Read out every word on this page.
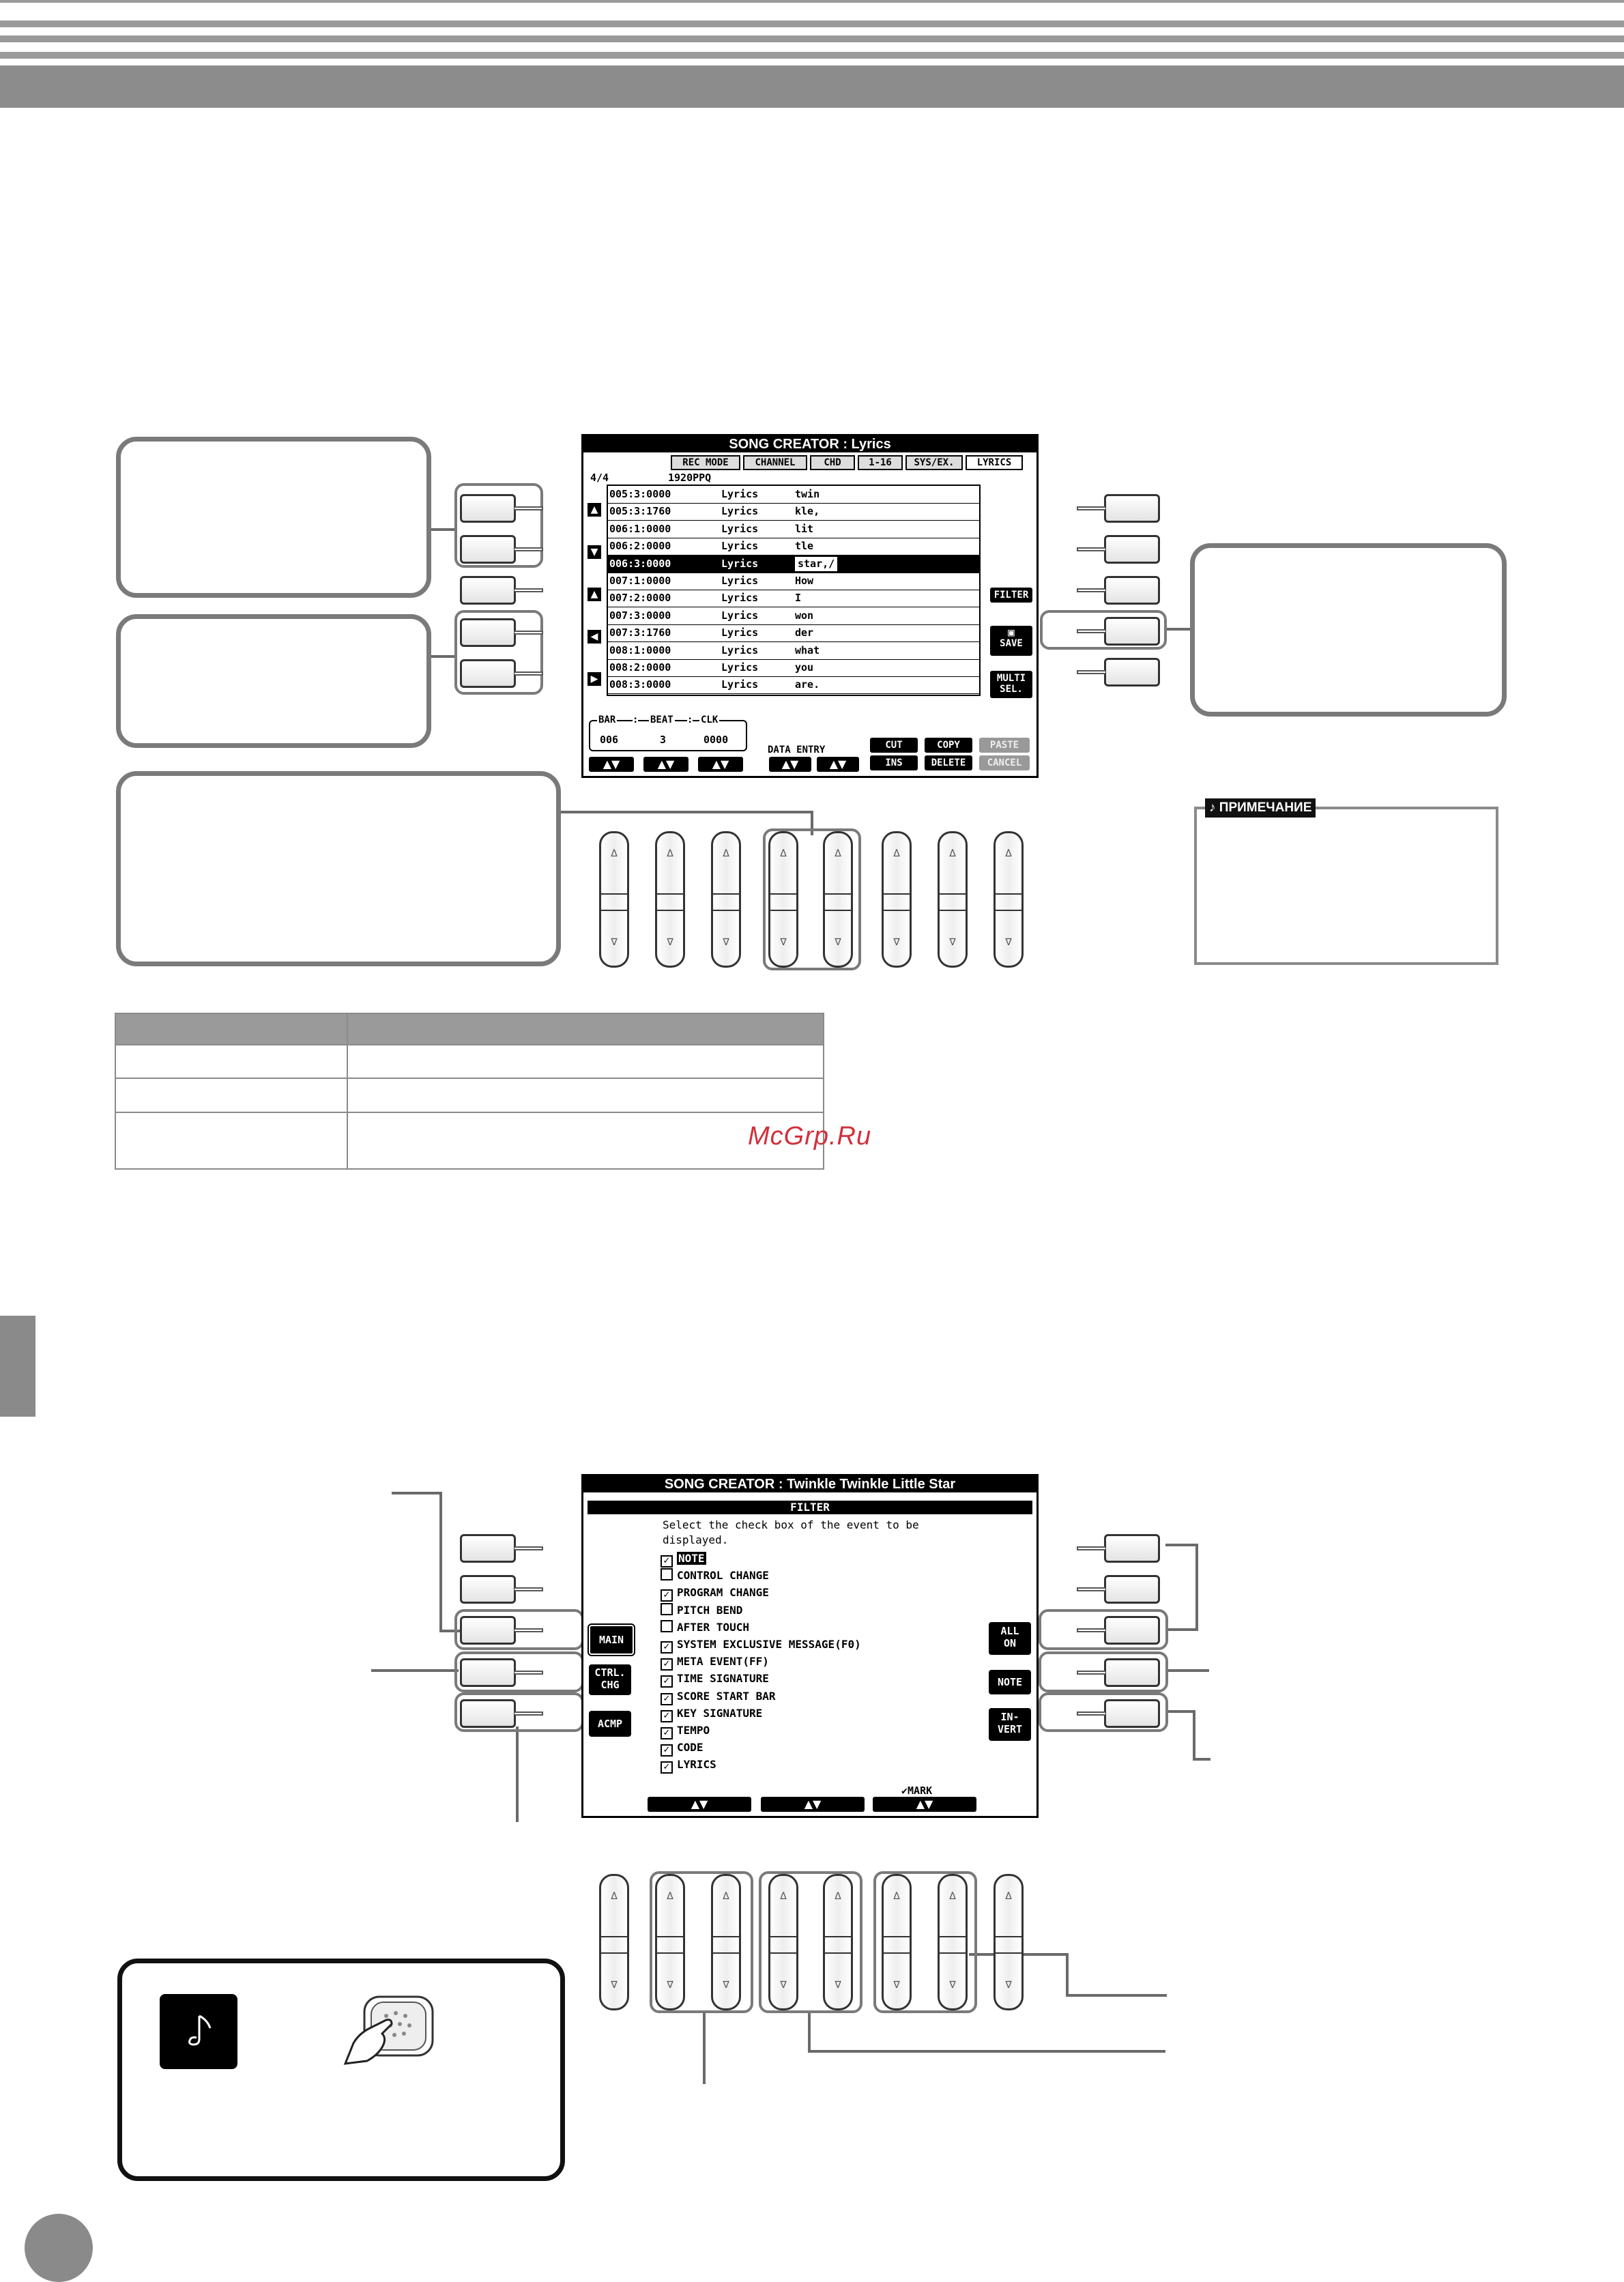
SONG CREATOR : Lyrics
REC MODE	CHANNEL	CHD	1-16	SYS/EX.	LYRICS
4/4	1920PPQ
▲
▼
▲
◀
▶
FILTER
▣
SAVE
MULTI
SEL.
BAR : BEAT : CLK
006	3	0000
DATA ENTRY	CUT
INS
COPY
DELETE
PASTE
CANCEL
▲▼	▲▼	▲▼	▲▼	▲▼
005:3:0000	Lyrics	twin
005:3:1760	Lyrics	kle,
006:1:0000	Lyrics	lit
006:2:0000	Lyrics	tle
006:3:0000	Lyrics	star,/
007:1:0000	Lyrics	How
007:2:0000	Lyrics	I
007:3:0000	Lyrics	won
007:3:1760	Lyrics	der
008:1:0000	Lyrics	what
008:2:0000	Lyrics	you
008:3:0000	Lyrics	are.
Δ
∇
Δ
∇
Δ
∇
Δ
∇
Δ
∇
Δ
∇
Δ
∇
Δ
∇
♪ ПРИМЕЧАНИЕ

McGrp.Ru
SONG CREATOR : Twinkle Twinkle Little Star
FILTER
Select the check box of the event to be
displayed.
MAIN
CTRL.
CHG
ACMP
ALL
ON
NOTE
IN-
VERT
✔MARK
▲▼	▲▼	▲▼
✓ NOTE
CONTROL CHANGE
✓ PROGRAM CHANGE
PITCH BEND
AFTER TOUCH
✓ SYSTEM EXCLUSIVE MESSAGE(F0)
✓ META EVENT(FF)
✓ TIME SIGNATURE
✓ SCORE START BAR
✓ KEY SIGNATURE
✓ TEMPO
✓ CODE
✓ LYRICS
Δ
∇
Δ
∇
Δ
∇
Δ
∇
Δ
∇
Δ
∇
Δ
∇
Δ
∇
